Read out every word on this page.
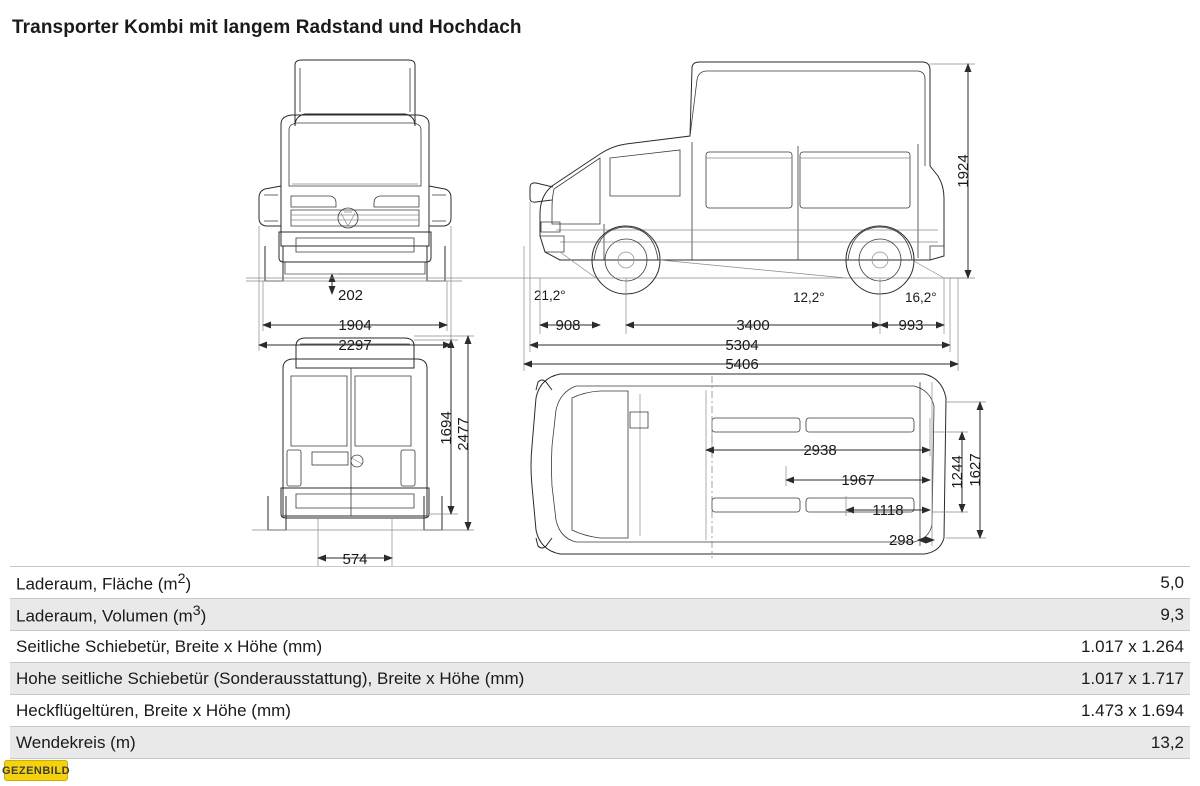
Transporter Kombi mit langem Radstand und Hochdach
202
1904
2297
21,2°	12,2°	16,2°
1924
908	3400	993
5304
5406
574
1694 2477	2938
1967
1118
298
1244 1627
Laderaum, Fläche $(m^2)$	5,0
Laderaum, Volumen $(m^3)$	9,3
Seitliche Schiebetür, Breite x Höhe (mm)	1.017 x 1.264
Hohe seitliche Schiebetür (Sonderausstattung), Breite x Höhe (mm)	1.017 x 1.717
Heckflügeltüren, Breite x Höhe (mm)	1.473 x 1.694
Wendekreis (m)	13,2
GEZENBILD
